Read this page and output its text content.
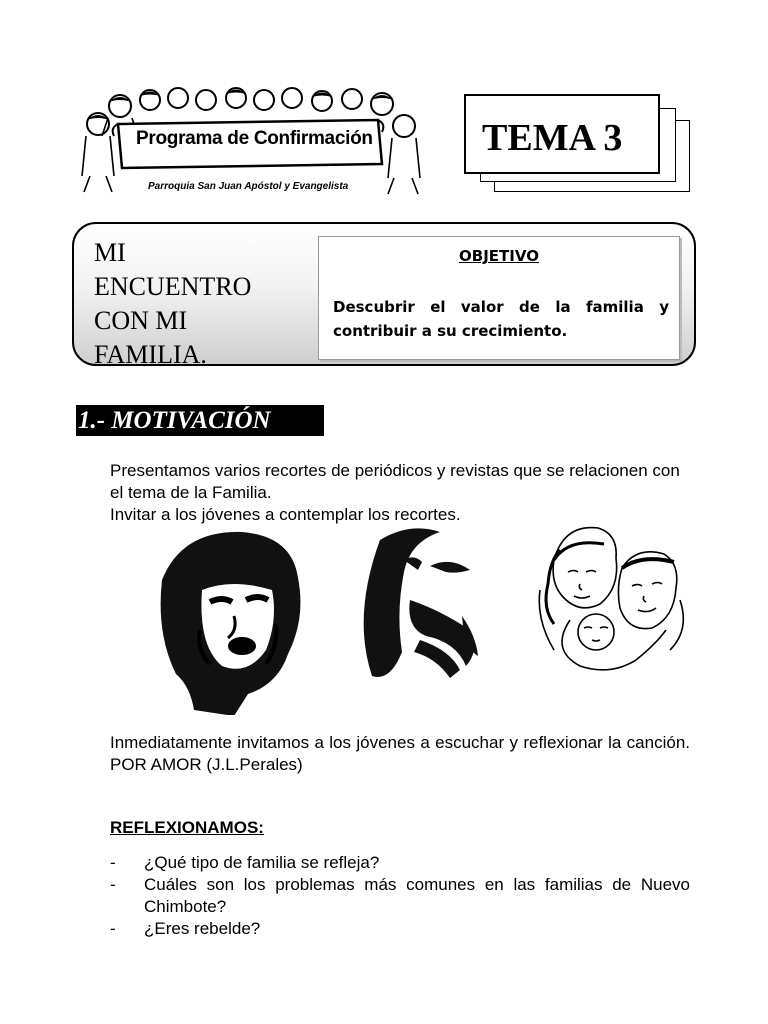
Programa de Confirmación
Parroquia San Juan Apóstol y Evangelista
TEMA 3
MI
ENCUENTRO
CON MI
FAMILIA.
OBJETIVO
Descubrir el valor de la familia y contribuir a su crecimiento.
1.- MOTIVACIÓN
Presentamos varios recortes de periódicos y revistas que se relacionen con el tema de la Familia.
Invitar a los jóvenes a contemplar los recortes.
Inmediatamente invitamos a los jóvenes a escuchar y reflexionar la canción. POR AMOR (J.L.Perales)
REFLEXIONAMOS:
- ¿Qué tipo de familia se refleja?
- Cuáles son los problemas más comunes en las familias de Nuevo Chimbote?
- ¿Eres rebelde?
